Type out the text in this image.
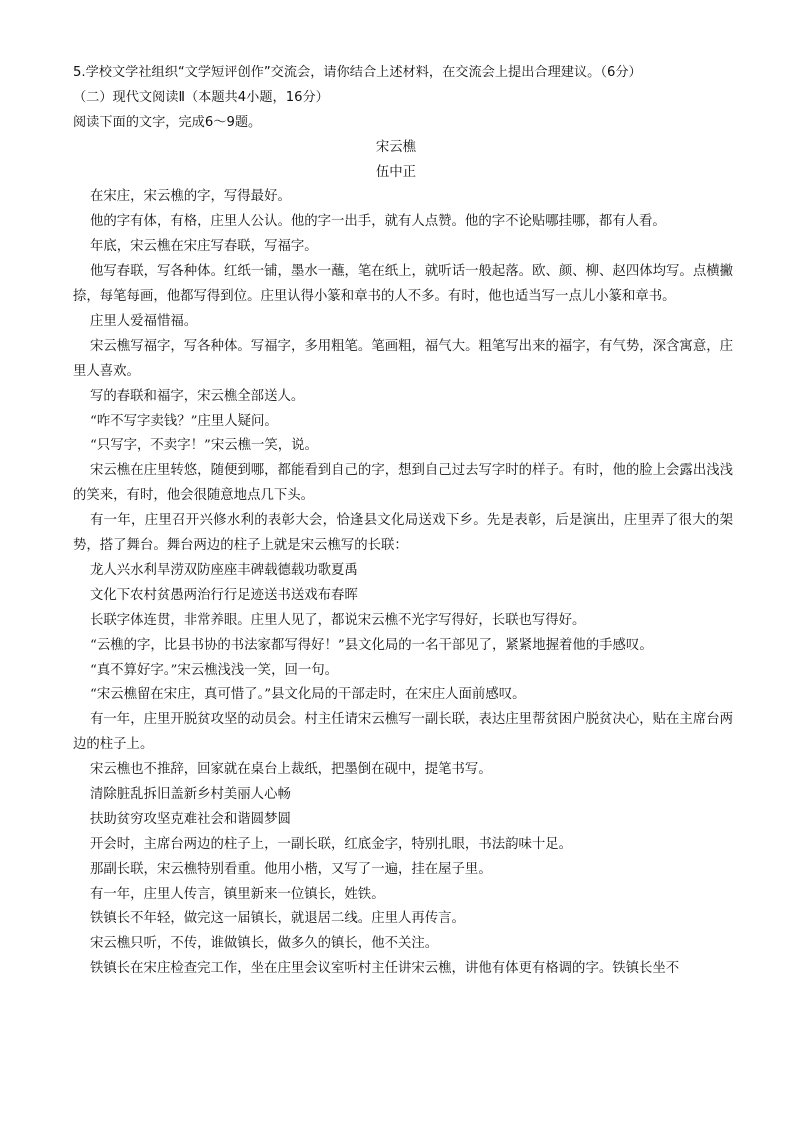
5.学校文学社组织“文学短评创作”交流会，请你结合上述材料，在交流会上提出合理建议。（6分）
（二）现代文阅读Ⅱ（本题共4小题，16分）
阅读下面的文字，完成6～9题。
宋云樵
伍中正
在宋庄，宋云樵的字，写得最好。
他的字有体，有格，庄里人公认。他的字一出手，就有人点赞。他的字不论贴哪挂哪，都有人看。
年底，宋云樵在宋庄写春联，写福字。
他写春联，写各种体。红纸一铺，墨水一蘸，笔在纸上，就听话一般起落。欧、颜、柳、赵四体均写。点横撇捺，每笔每画，他都写得到位。庄里认得小篆和章书的人不多。有时，他也适当写一点儿小篆和章书。
庄里人爱福惜福。
宋云樵写福字，写各种体。写福字，多用粗笔。笔画粗，福气大。粗笔写出来的福字，有气势，深含寓意，庄里人喜欢。
写的春联和福字，宋云樵全部送人。
“咋不写字卖钱？”庄里人疑问。
“只写字，不卖字！”宋云樵一笑，说。
宋云樵在庄里转悠，随便到哪，都能看到自己的字，想到自己过去写字时的样子。有时，他的脸上会露出浅浅的笑来，有时，他会很随意地点几下头。
有一年，庄里召开兴修水利的表彰大会，恰逢县文化局送戏下乡。先是表彰，后是演出，庄里弄了很大的架势，搭了舞台。舞台两边的柱子上就是宋云樵写的长联：
龙人兴水利旱涝双防座座丰碑载德载功歌夏禹
文化下农村贫愚两治行行足迹送书送戏布春晖
长联字体连贯，非常养眼。庄里人见了，都说宋云樵不光字写得好，长联也写得好。
“云樵的字，比县书协的书法家都写得好！”县文化局的一名干部见了，紧紧地握着他的手感叹。
“真不算好字。”宋云樵浅浅一笑，回一句。
“宋云樵留在宋庄，真可惜了。”县文化局的干部走时，在宋庄人面前感叹。
有一年，庄里开脱贫攻坚的动员会。村主任请宋云樵写一副长联，表达庄里帮贫困户脱贫决心，贴在主席台两边的柱子上。
宋云樵也不推辞，回家就在桌台上裁纸，把墨倒在砚中，提笔书写。
清除脏乱拆旧盖新乡村美丽人心畅
扶助贫穷攻坚克难社会和谐圆梦圆
开会时，主席台两边的柱子上，一副长联，红底金字，特别扎眼，书法韵味十足。
那副长联，宋云樵特别看重。他用小楷，又写了一遍，挂在屋子里。
有一年，庄里人传言，镇里新来一位镇长，姓铁。
铁镇长不年轻，做完这一届镇长，就退居二线。庄里人再传言。
宋云樵只听，不传，谁做镇长，做多久的镇长，他不关注。
铁镇长在宋庄检查完工作，坐在庄里会议室听村主任讲宋云樵，讲他有体更有格调的字。铁镇长坐不
